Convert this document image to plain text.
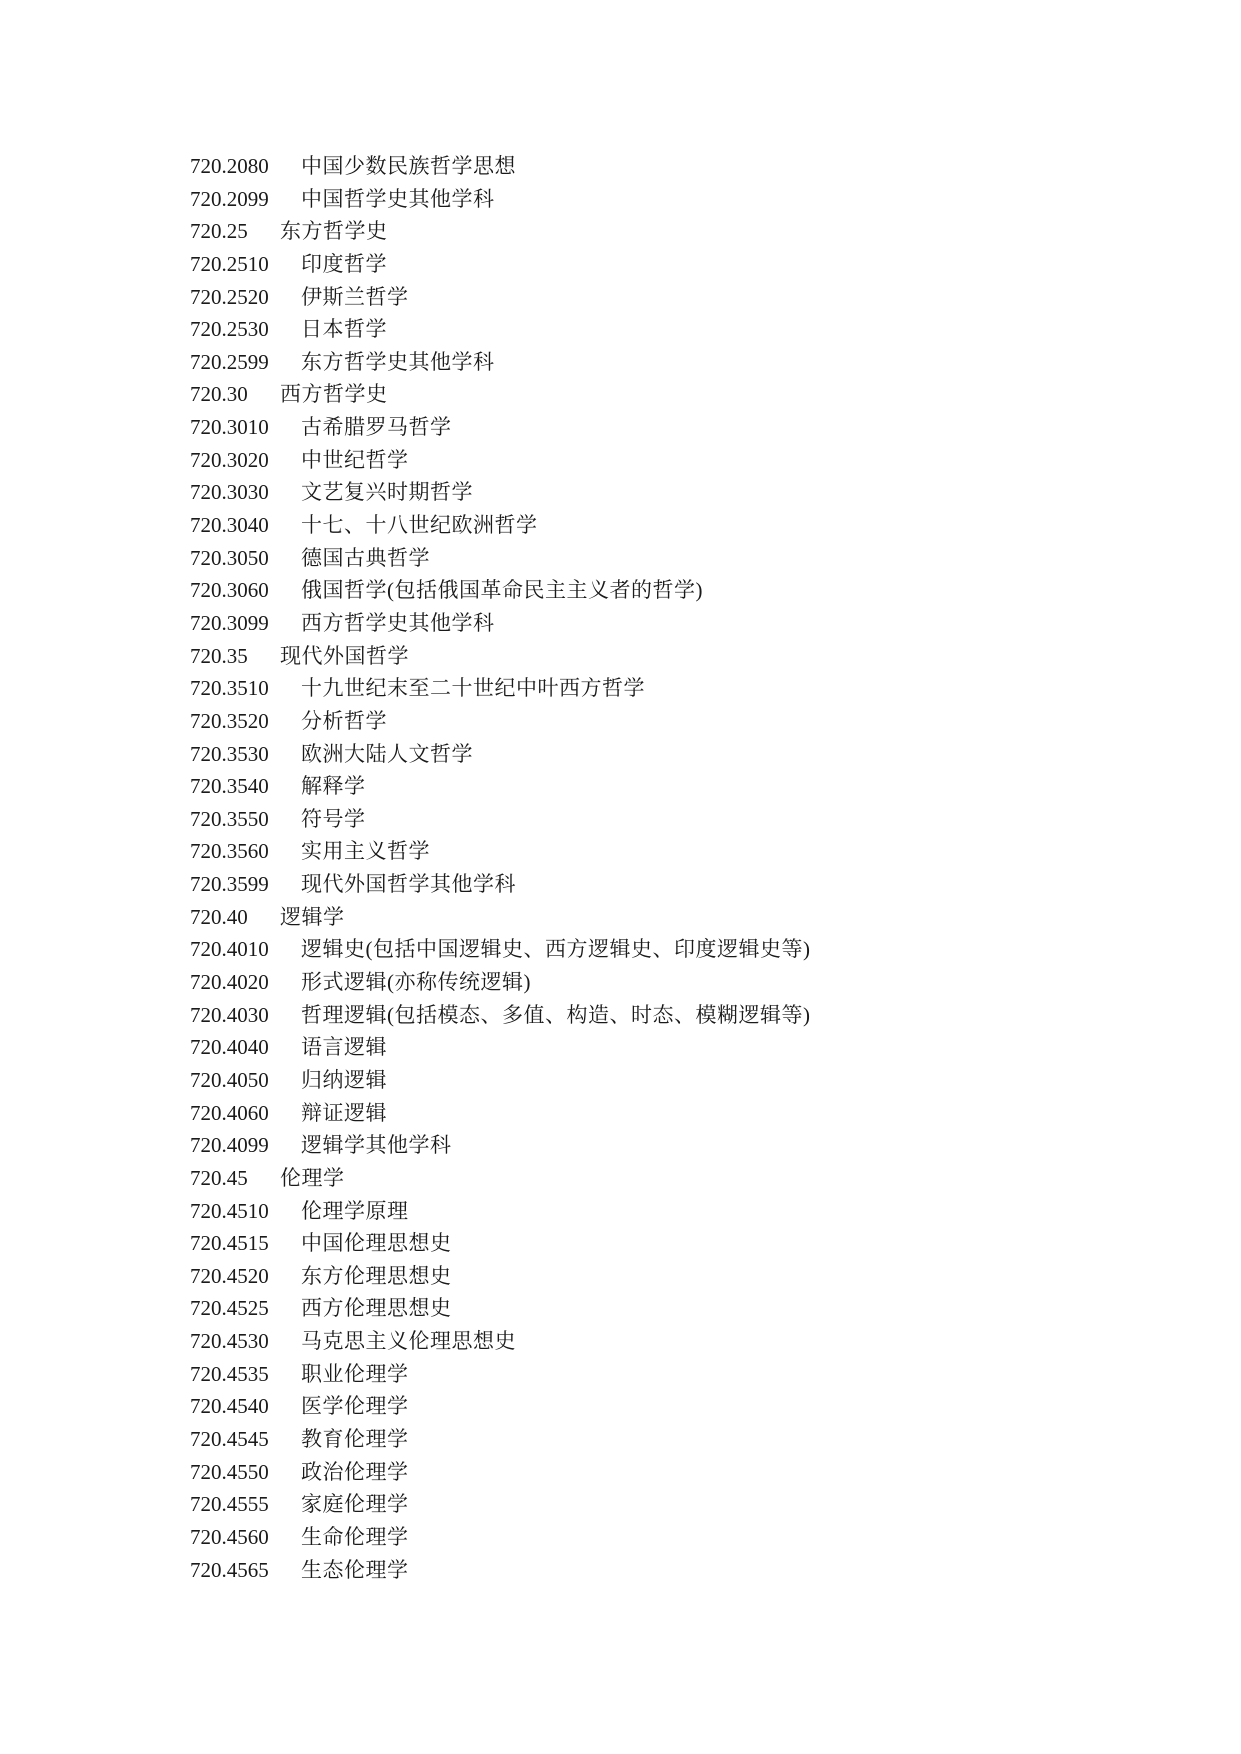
720.2080	中国少数民族哲学思想
720.2099	中国哲学史其他学科
720.25	东方哲学史
720.2510	印度哲学
720.2520	伊斯兰哲学
720.2530	日本哲学
720.2599	东方哲学史其他学科
720.30	西方哲学史
720.3010	古希腊罗马哲学
720.3020	中世纪哲学
720.3030	文艺复兴时期哲学
720.3040	十七、十八世纪欧洲哲学
720.3050	德国古典哲学
720.3060	俄国哲学(包括俄国革命民主主义者的哲学)
720.3099	西方哲学史其他学科
720.35	现代外国哲学
720.3510	十九世纪末至二十世纪中叶西方哲学
720.3520	分析哲学
720.3530	欧洲大陆人文哲学
720.3540	解释学
720.3550	符号学
720.3560	实用主义哲学
720.3599	现代外国哲学其他学科
720.40	逻辑学
720.4010	逻辑史(包括中国逻辑史、西方逻辑史、印度逻辑史等)
720.4020	形式逻辑(亦称传统逻辑)
720.4030	哲理逻辑(包括模态、多值、构造、时态、模糊逻辑等)
720.4040	语言逻辑
720.4050	归纳逻辑
720.4060	辩证逻辑
720.4099	逻辑学其他学科
720.45	伦理学
720.4510	伦理学原理
720.4515	中国伦理思想史
720.4520	东方伦理思想史
720.4525	西方伦理思想史
720.4530	马克思主义伦理思想史
720.4535	职业伦理学
720.4540	医学伦理学
720.4545	教育伦理学
720.4550	政治伦理学
720.4555	家庭伦理学
720.4560	生命伦理学
720.4565	生态伦理学
